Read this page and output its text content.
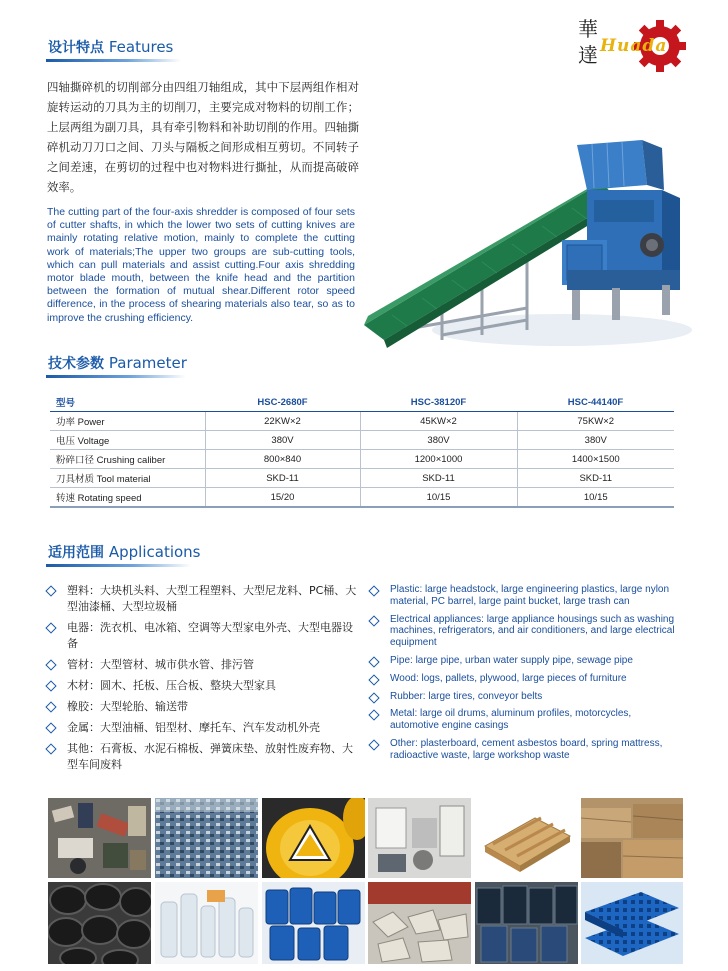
華
達 Huada
设计特点 Features
四轴撕碎机的切削部分由四组刀轴组成，其中下层两组作相对旋转运动的刀具为主的切削刀，主要完成对物料的切削工作；上层两组为副刀具，具有牵引物料和补助切削的作用。四轴撕碎机动刀刀口之间、刀头与隔板之间形成相互剪切。不同转子之间差速，在剪切的过程中也对物料进行撕扯，从而提高破碎效率。
The cutting part of the four-axis shredder is composed of four sets of cutter shafts, in which the lower two sets of cutting knives are mainly rotating relative motion, mainly to complete the cutting work of materials;The upper two groups are sub-cutting tools, which can pull materials and assist cutting.Four axis shredding motor blade mouth, between the knife head and the partition between the formation of mutual shear.Different rotor speed difference, in the process of shearing materials also tear, so as to improve the crushing efficiency.
技术参数 Parameter
型号	HSC-2680F	HSC-38120F	HSC-44140F
功率 Power	22KW×2	45KW×2	75KW×2
电压 Voltage	380V	380V	380V
粉碎口径 Crushing caliber	800×840	1200×1000	1400×1500
刀具材质 Tool material	SKD-11	SKD-11	SKD-11
转速 Rotating speed	15/20	10/15	10/15
适用范围 Applications
塑料：大块机头料、大型工程塑料、大型尼龙料、PC桶、大型油漆桶、大型垃圾桶
电器：洗衣机、电冰箱、空调等大型家电外壳、大型电器设备
管材：大型管材、城市供水管、排污管
木材：圆木、托板、压合板、整块大型家具
橡胶：大型轮胎、输送带
金属：大型油桶、铝型材、摩托车、汽车发动机外壳
其他：石膏板、水泥石棉板、弹簧床垫、放射性废弃物、大型车间废料
Plastic: large headstock, large engineering plastics, large nylon material, PC barrel, large paint bucket, large trash can
Electrical appliances: large appliance housings such as washing machines, refrigerators, and air conditioners, and large electrical equipment
Pipe: large pipe, urban water supply pipe, sewage pipe
Wood: logs, pallets, plywood, large pieces of furniture
Rubber: large tires, conveyor belts
Metal: large oil drums, aluminum profiles, motorcycles, automotive engine casings
Other: plasterboard, cement asbestos board, spring mattress, radioactive waste, large workshop waste
